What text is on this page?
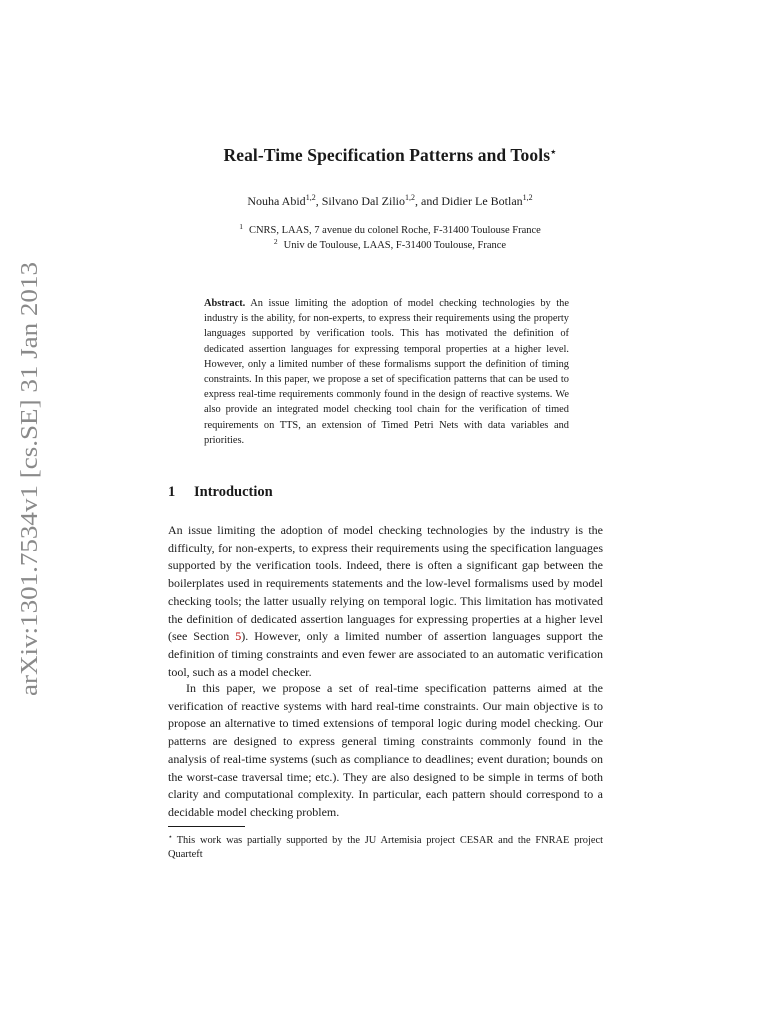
arXiv:1301.7534v1 [cs.SE] 31 Jan 2013
Real-Time Specification Patterns and Tools⋆
Nouha Abid$^{1,2}$, Silvano Dal Zilio$^{1,2}$, and Didier Le Botlan$^{1,2}$
$^1$ CNRS, LAAS, 7 avenue du colonel Roche, F-31400 Toulouse France
$^2$ Univ de Toulouse, LAAS, F-31400 Toulouse, France
Abstract. An issue limiting the adoption of model checking technologies by the industry is the ability, for non-experts, to express their requirements using the property languages supported by verification tools. This has motivated the definition of dedicated assertion languages for expressing temporal properties at a higher level. However, only a limited number of these formalisms support the definition of timing constraints. In this paper, we propose a set of specification patterns that can be used to express real-time requirements commonly found in the design of reactive systems. We also provide an integrated model checking tool chain for the verification of timed requirements on TTS, an extension of Timed Petri Nets with data variables and priorities.
1 Introduction
An issue limiting the adoption of model checking technologies by the industry is the difficulty, for non-experts, to express their requirements using the specification languages supported by the verification tools. Indeed, there is often a significant gap between the boilerplates used in requirements statements and the low-level formalisms used by model checking tools; the latter usually relying on temporal logic. This limitation has motivated the definition of dedicated assertion languages for expressing properties at a higher level (see Section 5). However, only a limited number of assertion languages support the definition of timing constraints and even fewer are associated to an automatic verification tool, such as a model checker.
In this paper, we propose a set of real-time specification patterns aimed at the verification of reactive systems with hard real-time constraints. Our main objective is to propose an alternative to timed extensions of temporal logic during model checking. Our patterns are designed to express general timing constraints commonly found in the analysis of real-time systems (such as compliance to deadlines; event duration; bounds on the worst-case traversal time; etc.). They are also designed to be simple in terms of both clarity and computational complexity. In particular, each pattern should correspond to a decidable model checking problem.
⋆ This work was partially supported by the JU Artemisia project CESAR and the FNRAE project Quarteft
